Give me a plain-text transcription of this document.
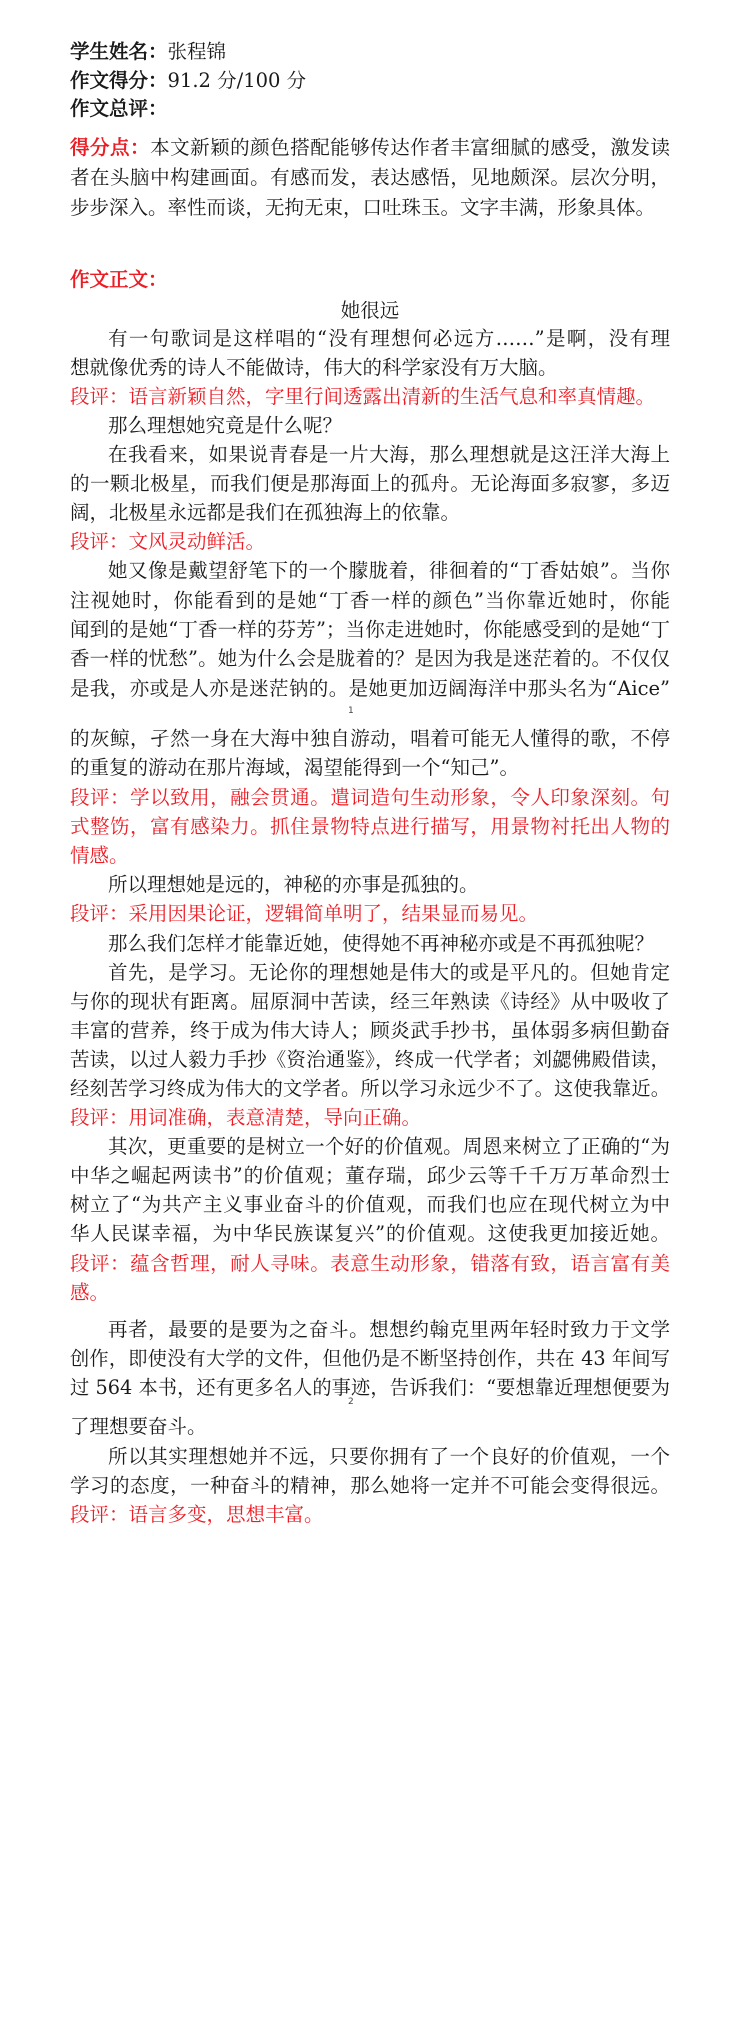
学生姓名：张程锦
作文得分：91.2 分/100 分
作文总评：
得分点：本文新颖的颜色搭配能够传达作者丰富细腻的感受，激发读
者在头脑中构建画面。有感而发，表达感悟，见地颇深。层次分明，
步步深入。率性而谈，无拘无束，口吐珠玉。文字丰满，形象具体。
作文正文：
她很远
有一句歌词是这样唱的“没有理想何必远方……”是啊，没有理
想就像优秀的诗人不能做诗，伟大的科学家没有万大脑。
段评：语言新颖自然，字里行间透露出清新的生活气息和率真情趣。
那么理想她究竟是什么呢？
在我看来，如果说青春是一片大海，那么理想就是这汪洋大海上
的一颗北极星，而我们便是那海面上的孤舟。无论海面多寂寥，多迈
阔，北极星永远都是我们在孤独海上的依靠。
段评：文风灵动鲜活。
她又像是戴望舒笔下的一个朦胧着，徘徊着的“丁香姑娘”。当你
注视她时，你能看到的是她“丁香一样的颜色”当你靠近她时，你能
闻到的是她“丁香一样的芬芳”；当你走进她时，你能感受到的是她“丁
香一样的忧愁”。她为什么会是胧着的？是因为我是迷茫着的。不仅仅
是我，亦或是人亦是迷茫钠的。是她更加迈阔海洋中那头名为“Aice”
1
的灰鲸，孑然一身在大海中独自游动，唱着可能无人懂得的歌，不停
的重复的游动在那片海域，渴望能得到一个“知己”。
段评：学以致用，融会贯通。遣词造句生动形象，令人印象深刻。句
式整饬，富有感染力。抓住景物特点进行描写，用景物衬托出人物的
情感。
所以理想她是远的，神秘的亦事是孤独的。
段评：采用因果论证，逻辑简单明了，结果显而易见。
那么我们怎样才能靠近她，使得她不再神秘亦或是不再孤独呢？
首先，是学习。无论你的理想她是伟大的或是平凡的。但她肯定
与你的现状有距离。屈原洞中苦读，经三年熟读《诗经》从中吸收了
丰富的营养，终于成为伟大诗人；顾炎武手抄书，虽体弱多病但勤奋
苦读，以过人毅力手抄《资治通鉴》，终成一代学者；刘勰佛殿借读，
经刻苦学习终成为伟大的文学者。所以学习永远少不了。这使我靠近。
段评：用词准确，表意清楚，导向正确。
其次，更重要的是树立一个好的价值观。周恩来树立了正确的“为
中华之崛起两读书”的价值观；董存瑞，邱少云等千千万万革命烈士
树立了“为共产主义事业奋斗的价值观，而我们也应在现代树立为中
华人民谋幸福，为中华民族谋复兴”的价值观。这使我更加接近她。
段评：蕴含哲理，耐人寻味。表意生动形象，错落有致，语言富有美
感。
再者，最要的是要为之奋斗。想想约翰克里两年轻时致力于文学
创作，即使没有大学的文件，但他仍是不断坚持创作，共在 43 年间写
过 564 本书，还有更多名人的事迹，告诉我们：“要想靠近理想便要为
2
了理想要奋斗。
所以其实理想她并不远，只要你拥有了一个良好的价值观，一个
学习的态度，一种奋斗的精神，那么她将一定并不可能会变得很远。
段评：语言多变，思想丰富。
